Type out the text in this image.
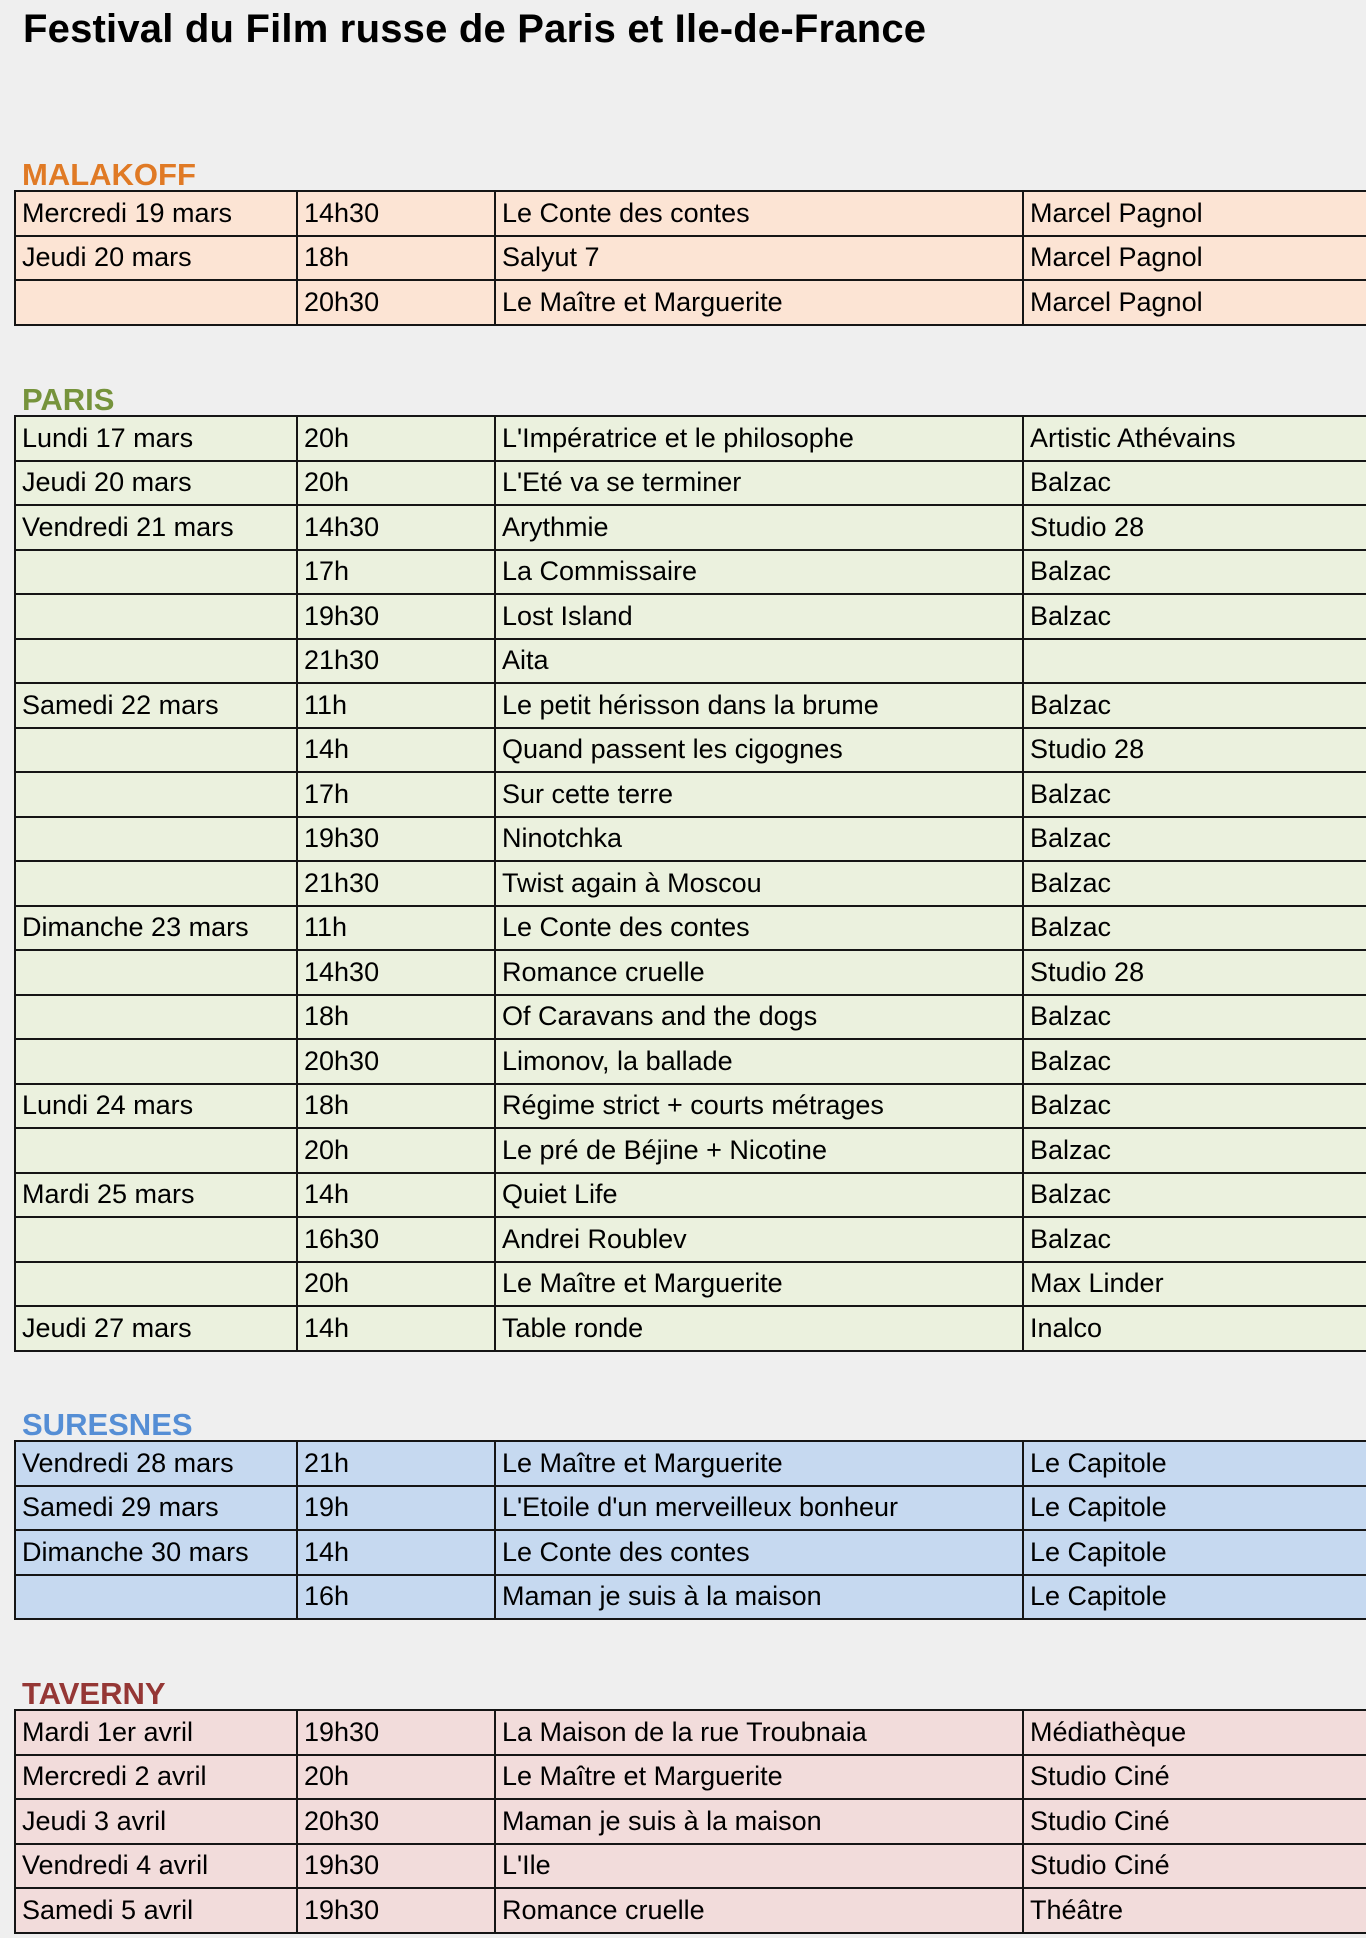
Festival du Film russe de Paris et Ile-de-France
MALAKOFF
Mercredi 19 mars	14h30	Le Conte des contes	Marcel Pagnol
Jeudi 20 mars	18h	Salyut 7	Marcel Pagnol
	20h30	Le Maître et Marguerite	Marcel Pagnol
PARIS
Lundi 17 mars	20h	L'Impératrice et le philosophe	Artistic Athévains
Jeudi 20 mars	20h	L'Eté va se terminer	Balzac
Vendredi 21 mars	14h30	Arythmie	Studio 28
	17h	La Commissaire	Balzac
	19h30	Lost Island	Balzac
	21h30	Aita	
Samedi 22 mars	11h	Le petit hérisson dans la brume	Balzac
	14h	Quand passent les cigognes	Studio 28
	17h	Sur cette terre	Balzac
	19h30	Ninotchka	Balzac
	21h30	Twist again à Moscou	Balzac
Dimanche 23 mars	11h	Le Conte des contes	Balzac
	14h30	Romance cruelle	Studio 28
	18h	Of Caravans and the dogs	Balzac
	20h30	Limonov, la ballade	Balzac
Lundi 24 mars	18h	Régime strict + courts métrages	Balzac
	20h	Le pré de Béjine + Nicotine	Balzac
Mardi 25 mars	14h	Quiet Life	Balzac
	16h30	Andrei Roublev	Balzac
	20h	Le Maître et Marguerite	Max Linder
Jeudi 27 mars	14h	Table ronde	Inalco
SURESNES
Vendredi 28 mars	21h	Le Maître et Marguerite	Le Capitole
Samedi 29 mars	19h	L'Etoile d'un merveilleux bonheur	Le Capitole
Dimanche 30 mars	14h	Le Conte des contes	Le Capitole
	16h	Maman je suis à la maison	Le Capitole
TAVERNY
Mardi 1er avril	19h30	La Maison de la rue Troubnaia	Médiathèque
Mercredi 2 avril	20h	Le Maître et Marguerite	Studio Ciné
Jeudi 3 avril	20h30	Maman je suis à la maison	Studio Ciné
Vendredi 4 avril	19h30	L'Ile	Studio Ciné
Samedi 5 avril	19h30	Romance cruelle	Théâtre
